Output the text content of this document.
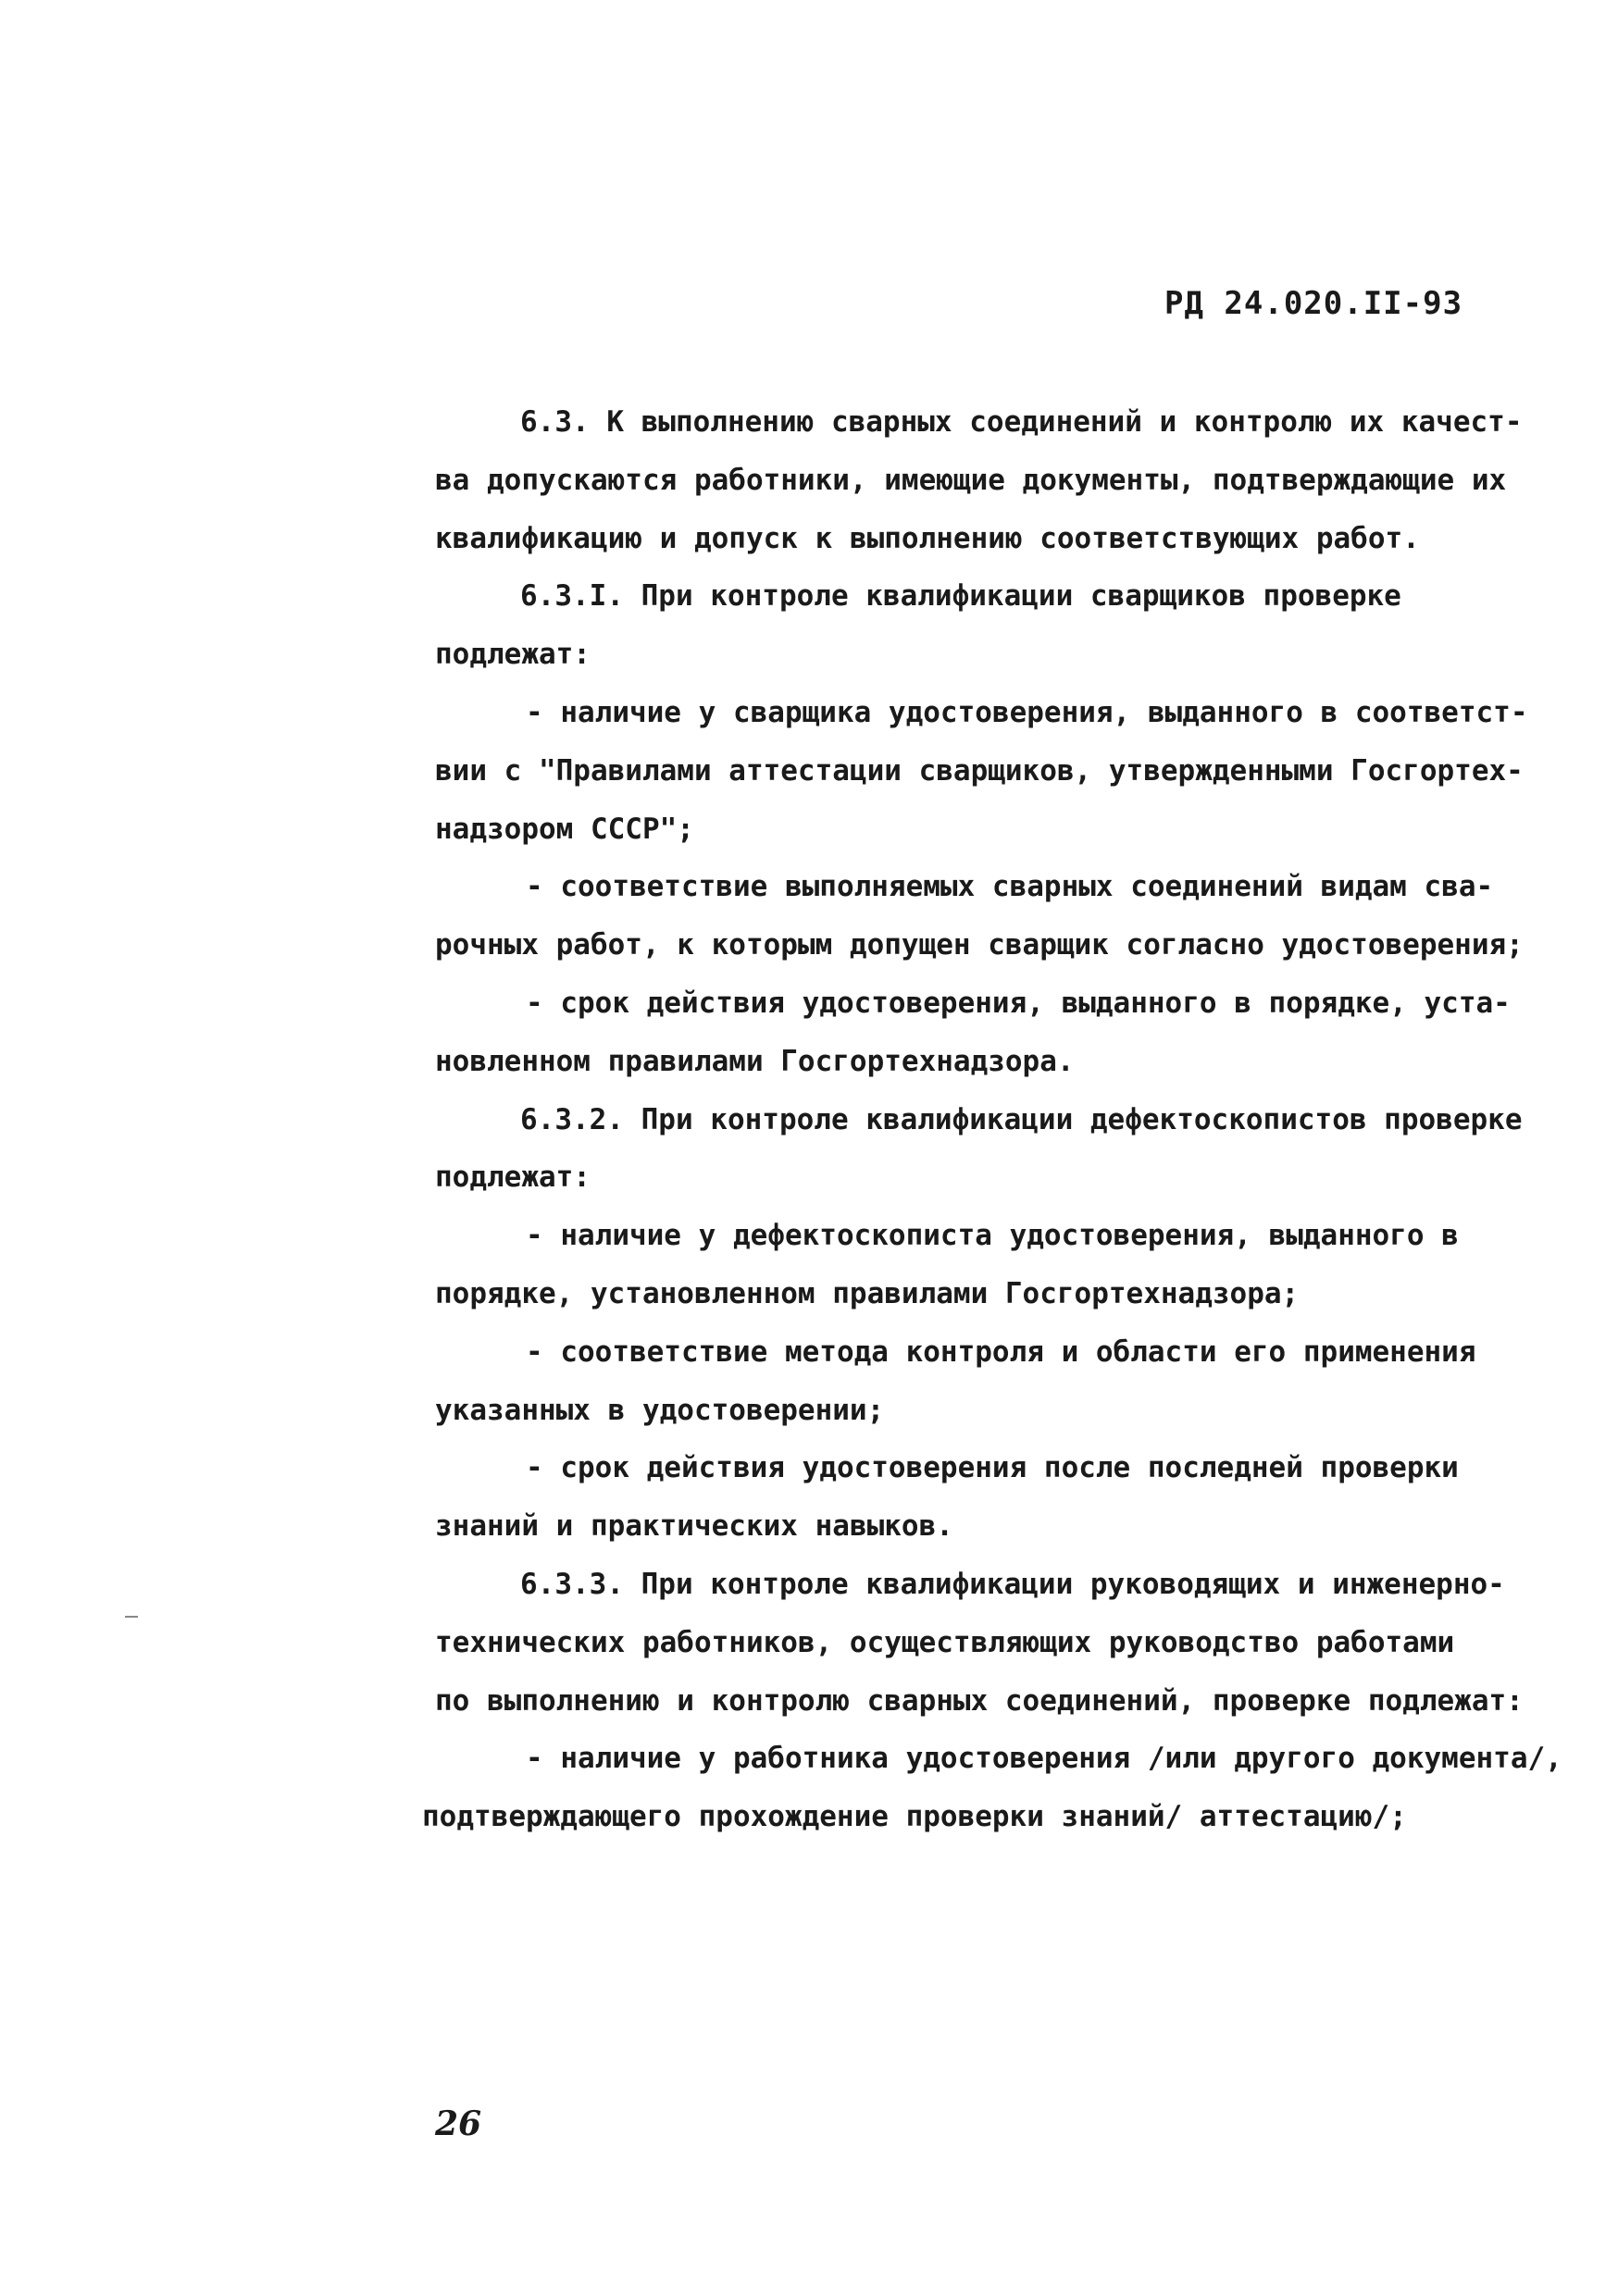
РД 24.020.II-93
6.3. К выполнению сварных соединений и контролю их качест-
ва допускаются работники, имеющие документы, подтверждающие их
квалификацию и допуск к выполнению соответствующих работ.
6.3.I. При контроле квалификации сварщиков проверке
подлежат:
- наличие у сварщика удостоверения, выданного в соответст-
вии с "Правилами аттестации сварщиков, утвержденными Госгортех-
надзором СССР";
- соответствие выполняемых сварных соединений видам сва-
рочных работ, к которым допущен сварщик согласно удостоверения;
- срок действия удостоверения, выданного в порядке, уста-
новленном правилами Госгортехнадзора.
6.3.2. При контроле квалификации дефектоскопистов проверке
подлежат:
- наличие у дефектоскописта удостоверения, выданного в
порядке, установленном правилами Госгортехнадзора;
- соответствие метода контроля и области его применения
указанных в удостоверении;
- срок действия удостоверения после последней проверки
знаний и практических навыков.
6.3.3. При контроле квалификации руководящих и инженерно-
технических работников, осуществляющих руководство работами
по выполнению и контролю сварных соединений, проверке подлежат:
- наличие у работника удостоверения /или другого документа/,
подтверждающего прохождение проверки знаний/ аттестацию/;
26
